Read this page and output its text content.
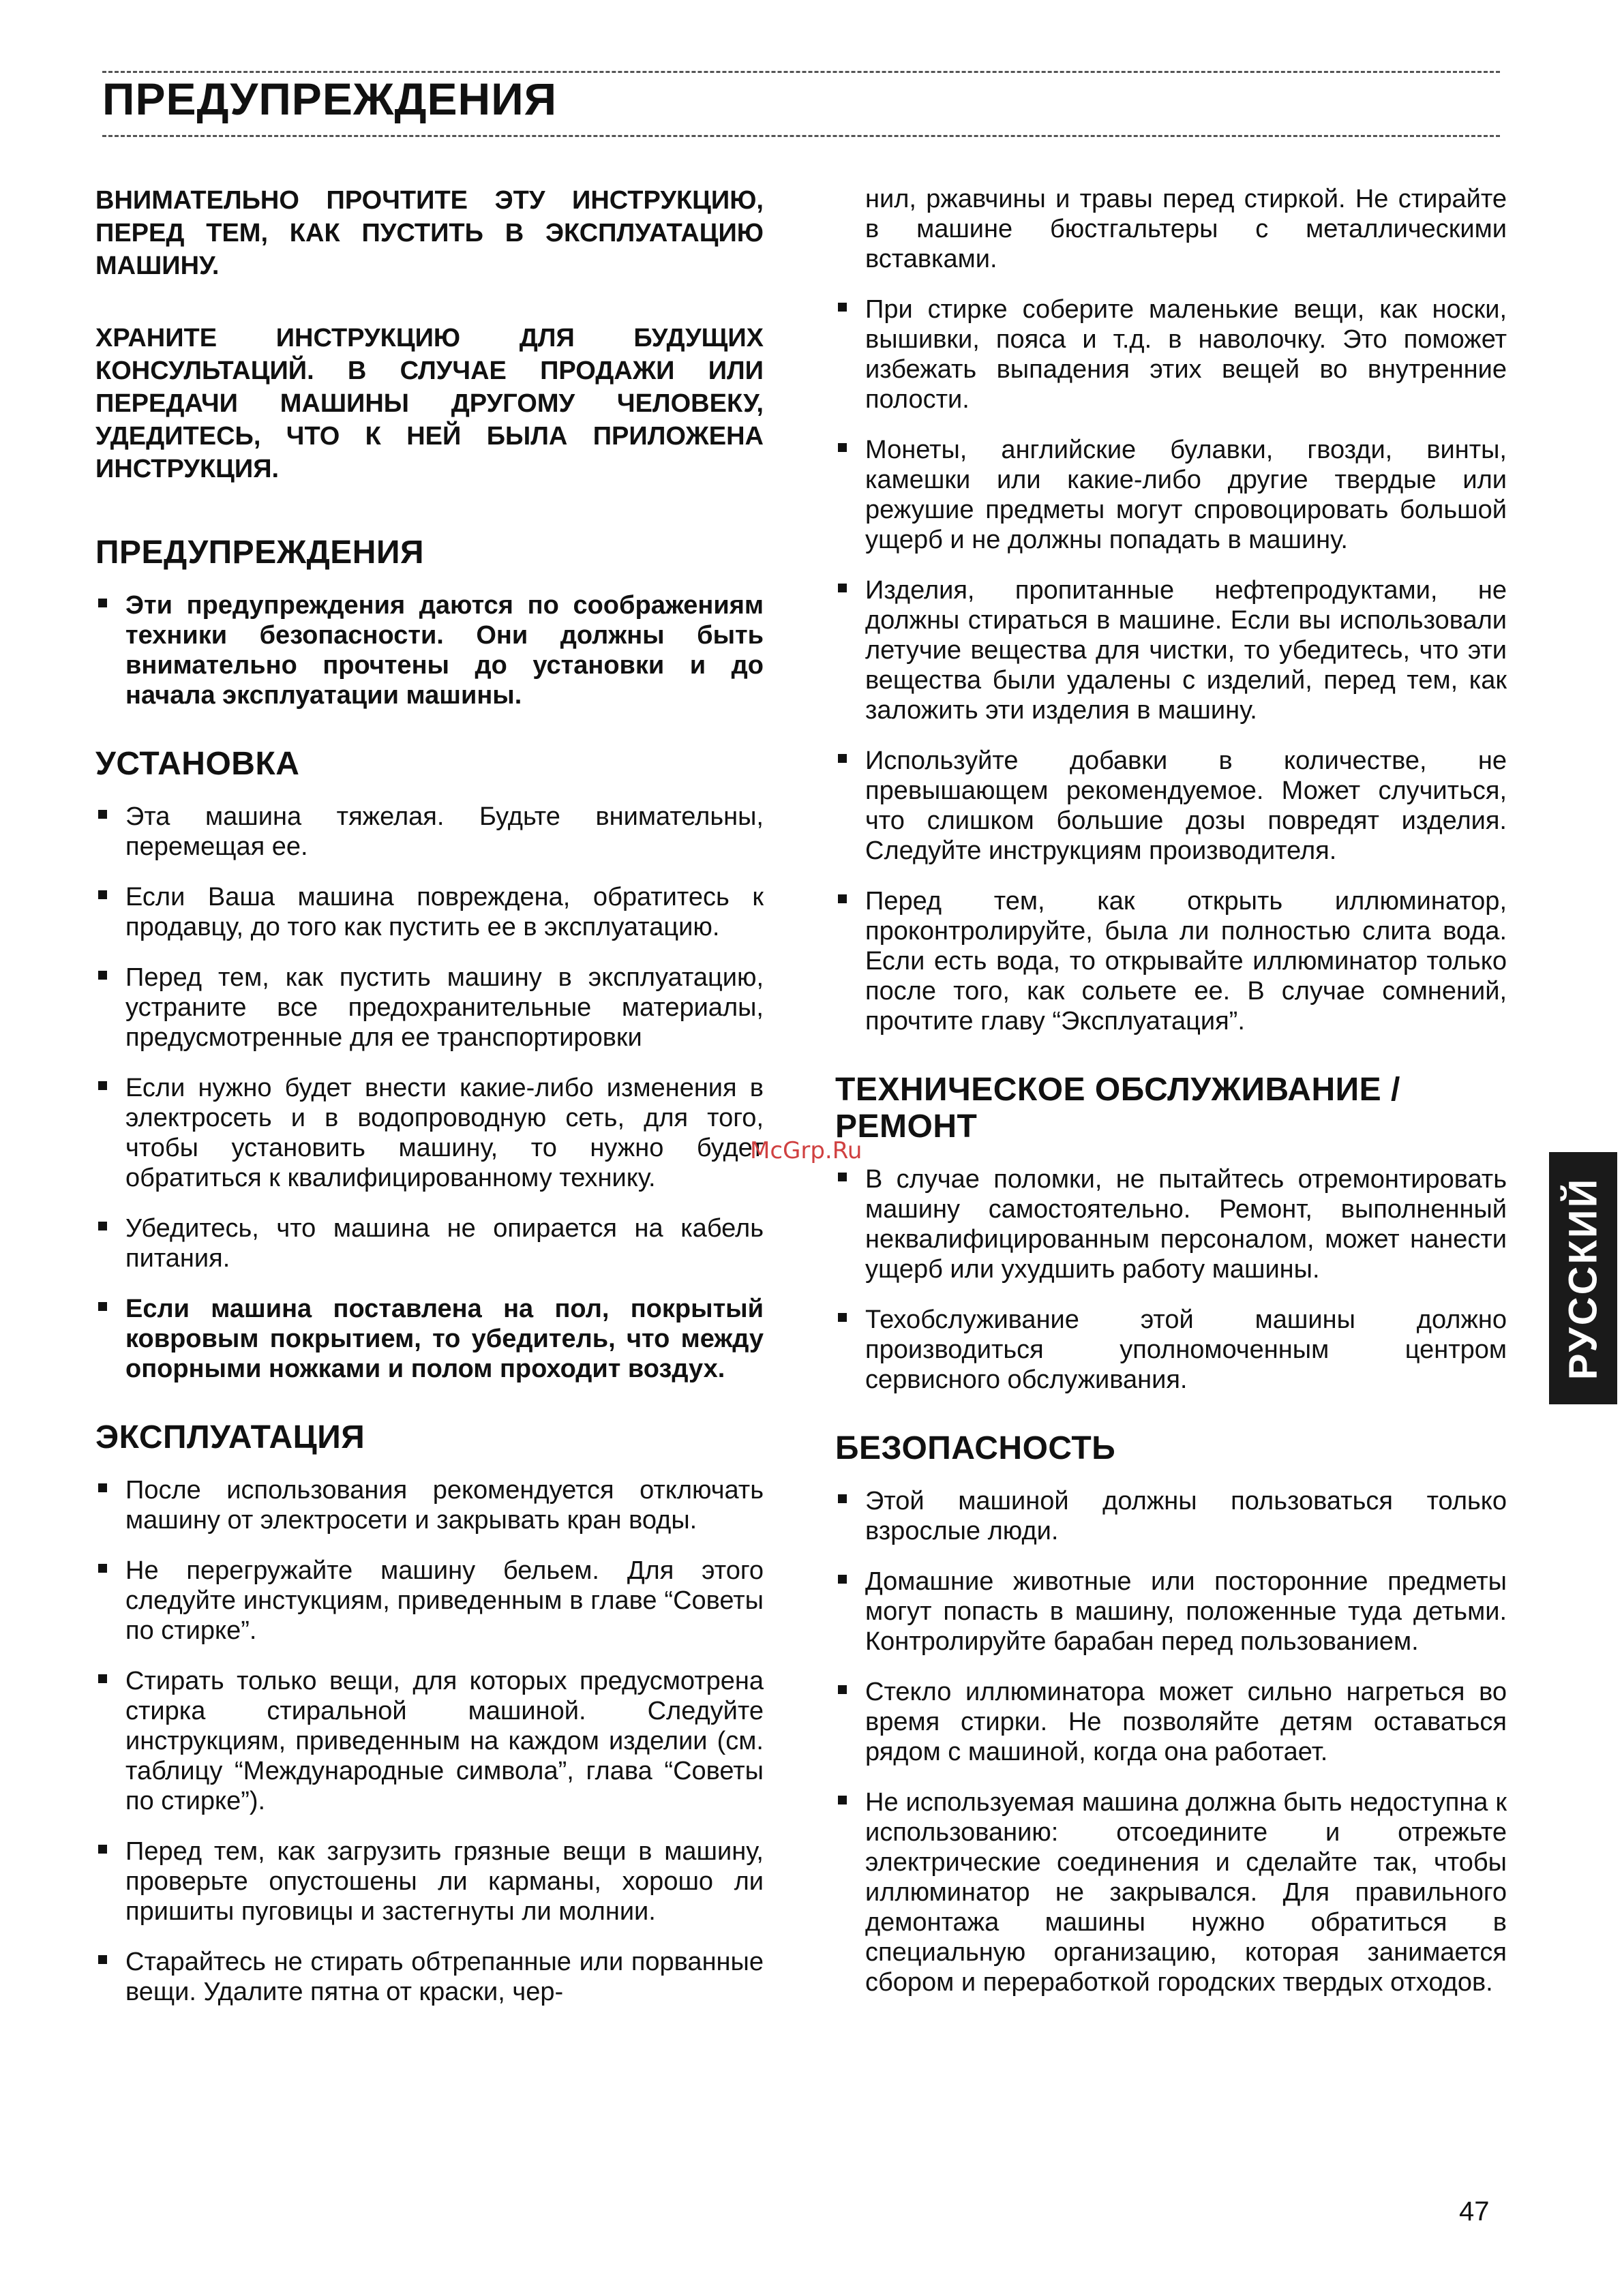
ПРЕДУПРЕЖДЕНИЯ

ВНИМАТЕЛЬНО ПРОЧТИТЕ ЭТУ ИНСТРУКЦИЮ, ПЕРЕД ТЕМ, КАК ПУСТИТЬ В ЭКСПЛУАТАЦИЮ МАШИНУ.

ХРАНИТЕ ИНСТРУКЦИЮ ДЛЯ БУДУЩИХ КОНСУЛЬТАЦИЙ. В СЛУЧАЕ ПРОДАЖИ ИЛИ ПЕРЕДАЧИ МАШИНЫ ДРУГОМУ ЧЕЛОВЕКУ, УДЕДИТЕСЬ, ЧТО К НЕЙ БЫЛА ПРИЛОЖЕНА ИНСТРУКЦИЯ.

ПРЕДУПРЕЖДЕНИЯ
Эти предупреждения даются по соображениям техники безопасности. Они должны быть внимательно прочтены до установки и до начала эксплуатации машины.
УСТАНОВКА
Эта машина тяжелая. Будьте внимательны, перемещая ее.
Если Ваша машина повреждена, обратитесь к продавцу, до того как пустить ее в эксплуатацию.
Перед тем, как пустить машину в эксплуатацию, устраните все предохранительные материалы, предусмотренные для ее транспортировки
Если нужно будет внести какие-либо изменения в электросеть и в водопроводную сеть, для того, чтобы установить машину, то нужно будет обратиться к квалифицированному технику.
Убедитесь, что машина не опирается на кабель питания.
Если машина поставлена на пол, покрытый ковровым покрытием, то убедитель, что между опорными ножками и полом проходит воздух.
ЭКСПЛУАТАЦИЯ
После использования рекомендуется отключать машину от электросети и закрывать кран воды.
Не перегружайте машину бельем. Для этого следуйте инстукциям, приведенным в главе “Советы по стирке”.
Стирать только вещи, для которых предусмотрена стирка стиральной машиной. Следуйте инструкциям, приведенным на каждом изделии (см. таблицу “Международные символа”, глава “Советы по стирке”).
Перед тем, как загрузить грязные вещи в машину, проверьте опустошены ли карманы, хорошо ли пришиты пуговицы и застегнуты ли молнии.
Старайтесь не стирать обтрепанные или порванные вещи. Удалите пятна от краски, чер-

нил, ржавчины и травы перед стиркой. Не стирайте в машине бюстгальтеры с металлическими вставками.

При стирке соберите маленькие вещи, как носки, вышивки, пояса и т.д. в наволочку. Это поможет избежать выпадения этих вещей во внутренние полости.
Монеты, английские булавки, гвозди, винты, камешки или какие-либо другие твердые или режушие предметы могут спровоцировать большой ущерб и не должны попадать в машину.
Изделия, пропитанные нефтепродуктами, не должны стираться в машине. Если вы использовали летучие вещества для чистки, то убедитесь, что эти вещества были удалены с изделий, перед тем, как заложить эти изделия в машину.
Используйте добавки в количестве, не превышающем рекомендуемое. Может случиться, что слишком большие дозы повредят изделия. Следуйте инструкциям производителя.
Перед тем, как открыть иллюминатор, проконтролируйте, была ли полностью слита вода. Если есть вода, то открывайте иллюминатор только после того, как сольете ее. В случае сомнений, прочтите главу “Эксплуатация”.
ТЕХНИЧЕСКОЕ ОБСЛУЖИВАНИЕ / РЕМОНТ
В случае поломки, не пытайтесь отремонтировать машину самостоятельно. Ремонт, выполненный неквалифицированным персоналом, может нанести ущерб или ухудшить работу машины.
Техобслуживание этой машины должно производиться уполномоченным центром сервисного обслуживания.
БЕЗОПАСНОСТЬ
Этой машиной должны пользоваться только взрослые люди.
Домашние животные или посторонние предметы могут попасть в машину, положенные туда детьми. Контролируйте барабан перед пользованием.
Стекло иллюминатора может сильно нагреться во время стирки. Не позволяйте детям оставаться рядом с машиной, когда она работает.
Не используемая машина должна быть недоступна к использованию: отсоедините и отрежьте электрические соединения и сделайте так, чтобы иллюминатор не закрывался. Для правильного демонтажа машины нужно обратиться в специальную организацию, которая занимается сбором и переработкой городских твердых отходов.
РУССКИЙ
McGrp.Ru
47
